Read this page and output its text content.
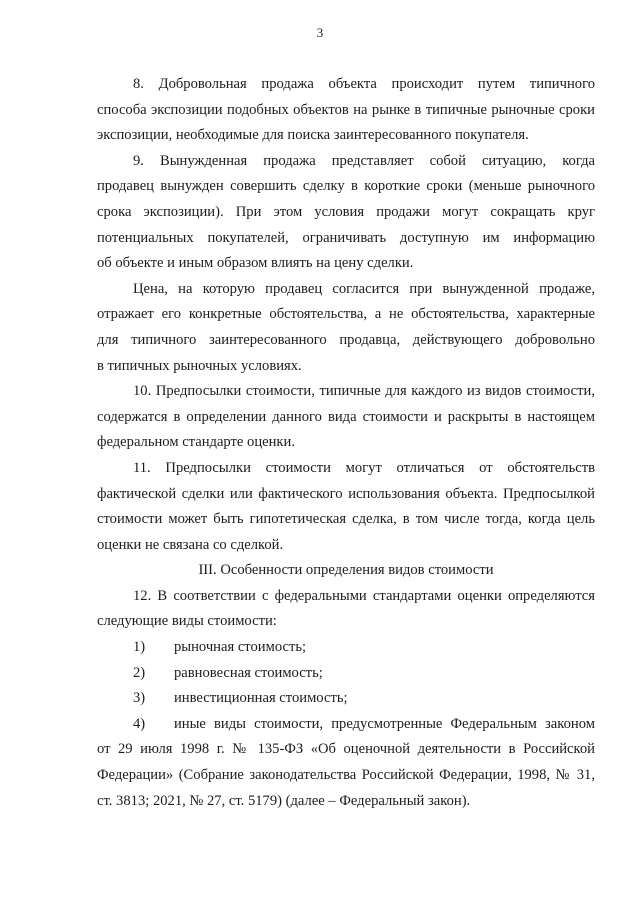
3
8. Добровольная продажа объекта происходит путем типичного
способа экспозиции подобных объектов на рынке в типичные рыночные сроки
экспозиции, необходимые для поиска заинтересованного покупателя.
9. Вынужденная продажа представляет собой ситуацию, когда
продавец вынужден совершить сделку в короткие сроки (меньше рыночного
срока экспозиции). При этом условия продажи могут сокращать круг
потенциальных покупателей, ограничивать доступную им информацию
об объекте и иным образом влиять на цену сделки.
Цена, на которую продавец согласится при вынужденной продаже,
отражает его конкретные обстоятельства, а не обстоятельства, характерные
для типичного заинтересованного продавца, действующего добровольно
в типичных рыночных условиях.
10. Предпосылки стоимости, типичные для каждого из видов стоимости,
содержатся в определении данного вида стоимости и раскрыты в настоящем
федеральном стандарте оценки.
11. Предпосылки стоимости могут отличаться от обстоятельств
фактической сделки или фактического использования объекта. Предпосылкой
стоимости может быть гипотетическая сделка, в том числе тогда, когда цель
оценки не связана со сделкой.
III. Особенности определения видов стоимости
12. В соответствии с федеральными стандартами оценки определяются
следующие виды стоимости:
1) рыночная стоимость;
2) равновесная стоимость;
3) инвестиционная стоимость;
4) иные виды стоимости, предусмотренные Федеральным законом
от 29 июля 1998 г. № 135-ФЗ «Об оценочной деятельности в Российской
Федерации» (Собрание законодательства Российской Федерации, 1998, № 31,
ст. 3813; 2021, № 27, ст. 5179) (далее – Федеральный закон).
